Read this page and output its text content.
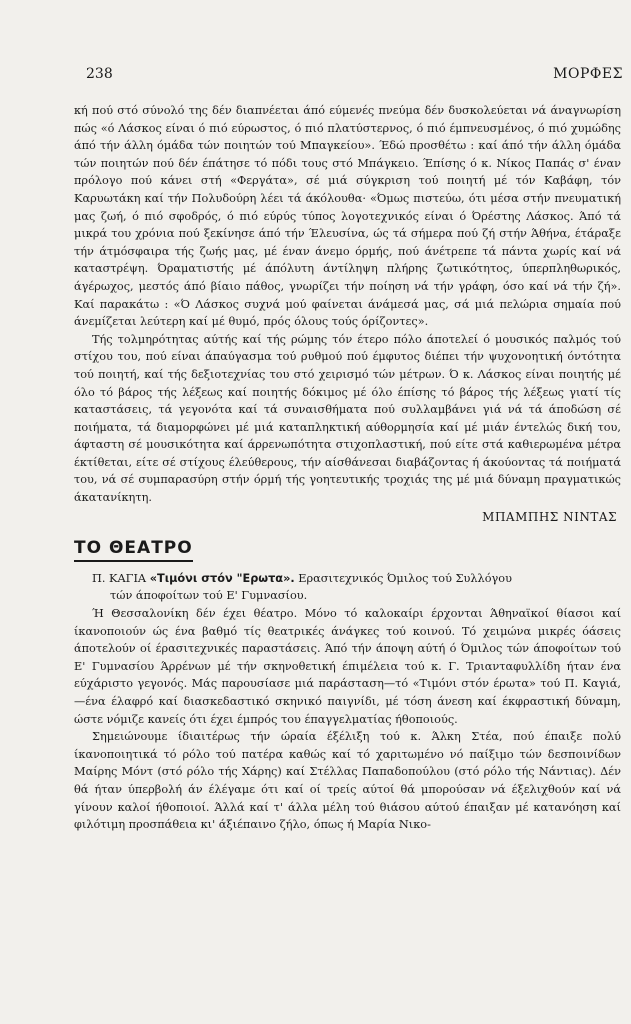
238	ΜΟΡΦΕΣ

κή πού στό σύνολό της δέν διαπνέεται άπό εύμενές πνεύμα δέν δυσκολεύεται νά άναγνωρίση πώς «ό Λάσκος είναι ό πιό εύρωστος, ό πιό πλατύστερνος, ό πιό έμπνευσμένος, ό πιό χυμώδης άπό τήν άλλη όμάδα τών ποιητών τού Μπαγκείου». Έδώ προσθέτω : καί άπό τήν άλλη όμάδα τών ποιητών πού δέν έπάτησε τό πόδι τους στό Μπάγκειο. Έπίσης ό κ. Νίκος Παπάς σ' έναν πρόλογο πού κάνει στή «Φεργάτα», σέ μιά σύγκριση τού ποιητή μέ τόν Καβάφη, τόν Καρυωτάκη καί τήν Πολυδούρη λέει τά άκόλουθα· «Όμως πιστεύω, ότι μέσα στήν πνευματική μας ζωή, ό πιό σφοδρός, ό πιό εύρύς τύπος λογοτεχνικός είναι ό Όρέστης Λάσκος. Άπό τά μικρά του χρόνια πού ξεκίνησε άπό τήν Έλευσίνα, ώς τά σήμερα πού ζή στήν Άθήνα, έτάραξε τήν άτμόσφαιρα τής ζωής μας, μέ έναν άνεμο όρμής, πού άνέτρεπε τά πάντα χωρίς καί νά καταστρέψη. Όραματιστής μέ άπόλυτη άντίληψη πλήρης ζωτικότητος, ύπερπληθωρικός, άγέρωχος, μεστός άπό βίαιο πάθος, γνωρίζει τήν ποίηση νά τήν γράφη, όσο καί νά τήν ζή». Καί παρακάτω : «Ό Λάσκος συχνά μού φαίνεται άνάμεσά μας, σά μιά πελώρια σημαία πού άνεμίζεται λεύτερη καί μέ θυμό, πρός όλους τούς όρίζοντες».

Τής τολμηρότητας αύτής καί τής ρώμης τόν έτερο πόλο άποτελεί ό μουσικός παλμός τού στίχου του, πού είναι άπαύγασμα τού ρυθμού πού έμφυτος διέπει τήν ψυχονοητική όντότητα τού ποιητή, καί τής δεξιοτεχνίας του στό χειρισμό τών μέτρων. Ό κ. Λάσκος είναι ποιητής μέ όλο τό βάρος τής λέξεως καί ποιητής δόκιμος μέ όλο έπίσης τό βάρος τής λέξεως γιατί τίς καταστάσεις, τά γεγονότα καί τά συναισθήματα πού συλλαμβάνει γιά νά τά άποδώση σέ ποιήματα, τά διαμορφώνει μέ μιά καταπληκτική αύθορμησία καί μέ μιάν έντελώς δική του, άφταστη σέ μουσικότητα καί άρρενωπότητα στιχοπλαστική, πού είτε στά καθιερωμένα μέτρα έκτίθεται, είτε σέ στίχους έλεύθερους, τήν αίσθάνεσαι διαβάζοντας ή άκούοντας τά ποιήματά του, νά σέ συμπαρασύρη στήν όρμή τής γοητευτικής τροχιάς της μέ μιά δύναμη πραγματικώς άκατανίκητη.

ΜΠΑΜΠΗΣ ΝΙΝΤΑΣ
ΤΟ ΘΕΑΤΡΟ

Π. ΚΑΓΙΑ «Τιμόνι στόν "Ερωτα». Ερασιτεχνικός Όμιλος τού Συλλόγου
τών άποφοίτων τού Ε' Γυμνασίου.

Ή Θεσσαλονίκη δέν έχει θέατρο. Μόνο τό καλοκαίρι έρχονται Άθηναϊκοί θίασοι καί ίκανοποιούν ώς ένα βαθμό τίς θεατρικές άνάγκες τού κοινού. Τό χειμώνα μικρές όάσεις άποτελούν οί έρασιτεχνικές παραστάσεις. Άπό τήν άποψη αύτή ό Όμιλος τών άποφοίτων τού Ε' Γυμνασίου Άρρένων μέ τήν σκηνοθετική έπιμέλεια τού κ. Γ. Τριανταφυλλίδη ήταν ένα εύχάριστο γεγονός. Μάς παρουσίασε μιά παράσταση—τό «Τιμόνι στόν έρωτα» τού Π. Καγιά,—ένα έλαφρό καί διασκεδαστικό σκηνικό παιγνίδι, μέ τόση άνεση καί έκφραστική δύναμη, ώστε νόμιζε κανείς ότι έχει έμπρός του έπαγγελματίας ήθοποιούς.

Σημειώνουμε ίδιαιτέρως τήν ώραία έξέλιξη τού κ. Άλκη Στέα, πού έπαιξε πολύ ίκανοποιητικά τό ρόλο τού πατέρα καθώς καί τό χαριτωμένο νό παίξιμο τών δεσποινίδων Μαίρης Μόντ (στό ρόλο τής Χάρης) καί Στέλλας Παπαδοπούλου (στό ρόλο τής Νάντιας). Δέν θά ήταν ύπερβολή άν έλέγαμε ότι καί οί τρείς αύτοί θά μπορούσαν νά έξελιχθούν καί νά γίνουν καλοί ήθοποιοί. Άλλά καί τ' άλλα μέλη τού θιάσου αύτού έπαιξαν μέ κατανόηση καί φιλότιμη προσπάθεια κι' άξιέπαινο ζήλο, όπως ή Μαρία Νικο-
